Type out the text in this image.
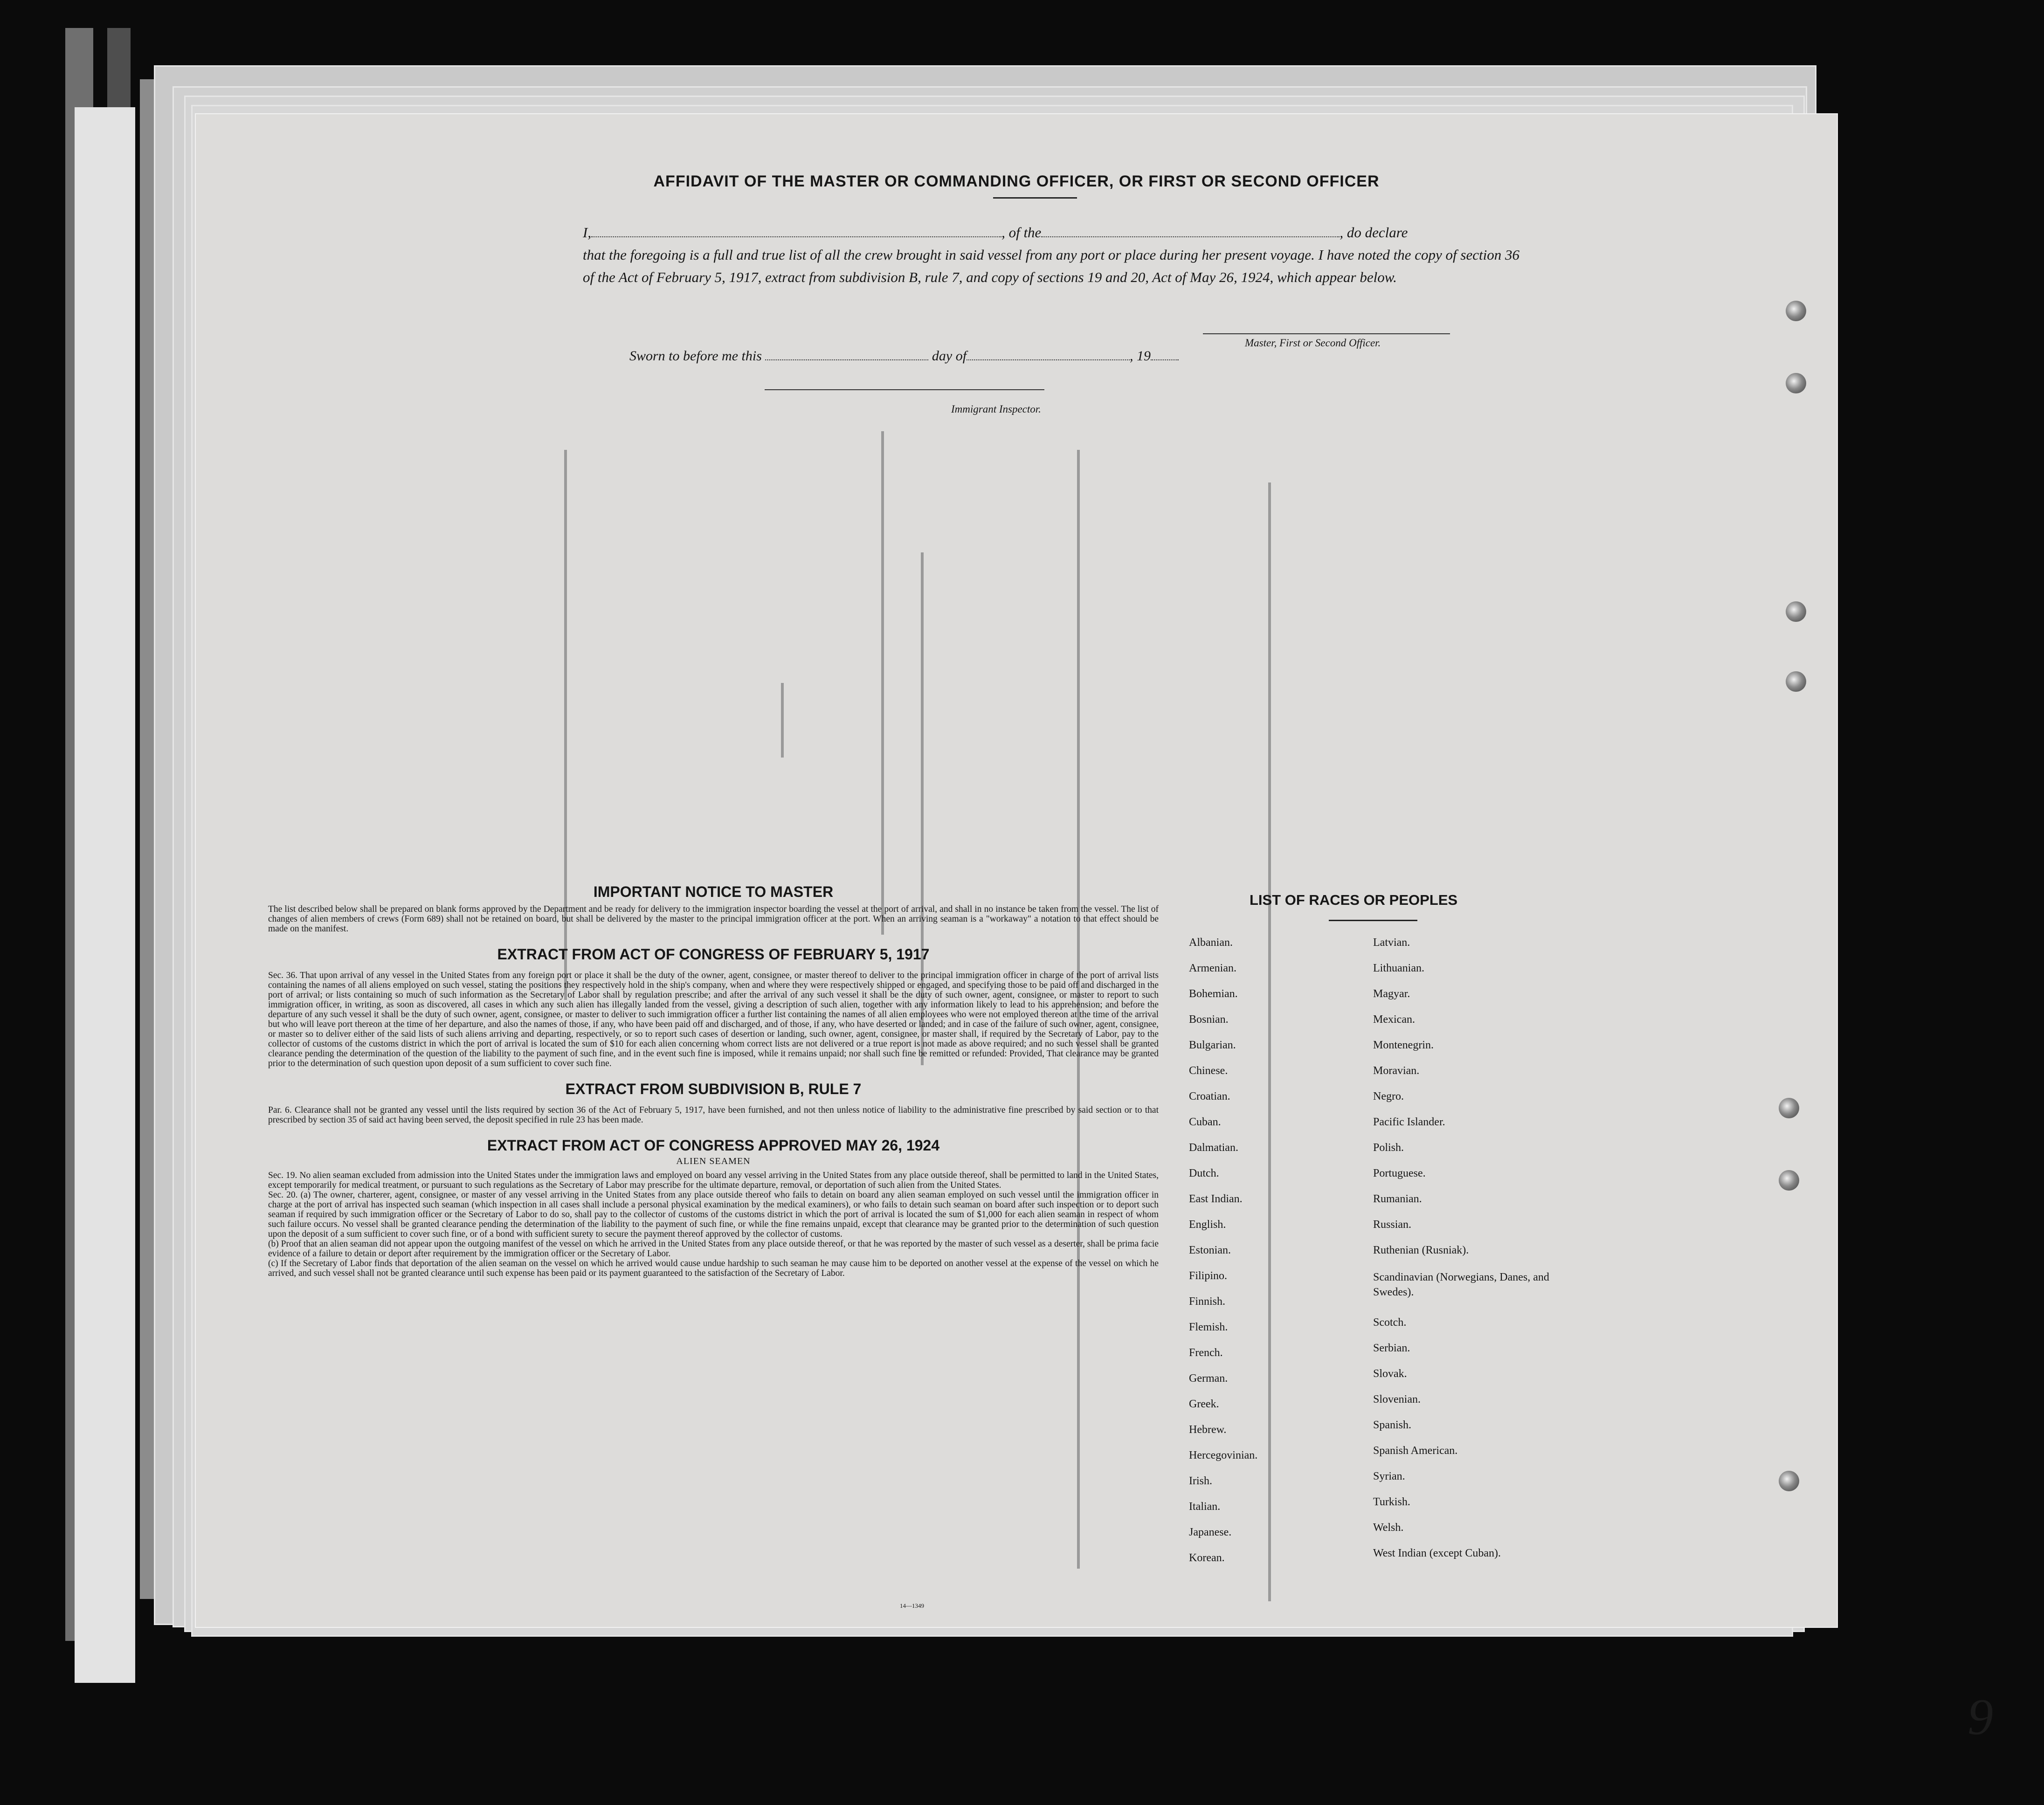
AFFIDAVIT OF THE MASTER OR COMMANDING OFFICER, OR FIRST OR SECOND OFFICER
I,	, of the	, do declare
that the foregoing is a full and true list of all the crew brought in said vessel from any port or place during her present voyage. I have noted the copy of section 36 of the Act of February 5, 1917, extract from subdivision B, rule 7, and copy of sections 19 and 20, Act of May 26, 1924, which appear below.
Master, First or Second Officer.
Sworn to before me this	day of	, 19
Immigrant Inspector.
IMPORTANT NOTICE TO MASTER

The list described below shall be prepared on blank forms approved by the Department and be ready for delivery to the immigration inspector boarding the vessel at the port of arrival, and shall in no instance be taken from the vessel. The list of changes of alien members of crews (Form 689) shall not be retained on board, but shall be delivered by the master to the principal immigration officer at the port. When an arriving seaman is a "workaway" a notation to that effect should be made on the manifest.

EXTRACT FROM ACT OF CONGRESS OF FEBRUARY 5, 1917

Sec. 36. That upon arrival of any vessel in the United States from any foreign port or place it shall be the duty of the owner, agent, consignee, or master thereof to deliver to the principal immigration officer in charge of the port of arrival lists containing the names of all aliens employed on such vessel, stating the positions they respectively hold in the ship's company, when and where they were respectively shipped or engaged, and specifying those to be paid off and discharged in the port of arrival; or lists containing so much of such information as the Secretary of Labor shall by regulation prescribe; and after the arrival of any such vessel it shall be the duty of such owner, agent, consignee, or master to report to such immigration officer, in writing, as soon as discovered, all cases in which any such alien has illegally landed from the vessel, giving a description of such alien, together with any information likely to lead to his apprehension; and before the departure of any such vessel it shall be the duty of such owner, agent, consignee, or master to deliver to such immigration officer a further list containing the names of all alien employees who were not employed thereon at the time of the arrival but who will leave port thereon at the time of her departure, and also the names of those, if any, who have been paid off and discharged, and of those, if any, who have deserted or landed; and in case of the failure of such owner, agent, consignee, or master so to deliver either of the said lists of such aliens arriving and departing, respectively, or so to report such cases of desertion or landing, such owner, agent, consignee, or master shall, if required by the Secretary of Labor, pay to the collector of customs of the customs district in which the port of arrival is located the sum of $10 for each alien concerning whom correct lists are not delivered or a true report is not made as above required; and no such vessel shall be granted clearance pending the determination of the question of the liability to the payment of such fine, and in the event such fine is imposed, while it remains unpaid; nor shall such fine be remitted or refunded: Provided, That clearance may be granted prior to the determination of such question upon deposit of a sum sufficient to cover such fine.

EXTRACT FROM SUBDIVISION B, RULE 7

Par. 6. Clearance shall not be granted any vessel until the lists required by section 36 of the Act of February 5, 1917, have been furnished, and not then unless notice of liability to the administrative fine prescribed by said section or to that prescribed by section 35 of said act having been served, the deposit specified in rule 23 has been made.

EXTRACT FROM ACT OF CONGRESS APPROVED MAY 26, 1924
ALIEN SEAMEN

Sec. 19. No alien seaman excluded from admission into the United States under the immigration laws and employed on board any vessel arriving in the United States from any place outside thereof, shall be permitted to land in the United States, except temporarily for medical treatment, or pursuant to such regulations as the Secretary of Labor may prescribe for the ultimate departure, removal, or deportation of such alien from the United States.

Sec. 20. (a) The owner, charterer, agent, consignee, or master of any vessel arriving in the United States from any place outside thereof who fails to detain on board any alien seaman employed on such vessel until the immigration officer in charge at the port of arrival has inspected such seaman (which inspection in all cases shall include a personal physical examination by the medical examiners), or who fails to detain such seaman on board after such inspection or to deport such seaman if required by such immigration officer or the Secretary of Labor to do so, shall pay to the collector of customs of the customs district in which the port of arrival is located the sum of $1,000 for each alien seaman in respect of whom such failure occurs. No vessel shall be granted clearance pending the determination of the liability to the payment of such fine, or while the fine remains unpaid, except that clearance may be granted prior to the determination of such question upon the deposit of a sum sufficient to cover such fine, or of a bond with sufficient surety to secure the payment thereof approved by the collector of customs.

(b) Proof that an alien seaman did not appear upon the outgoing manifest of the vessel on which he arrived in the United States from any place outside thereof, or that he was reported by the master of such vessel as a deserter, shall be prima facie evidence of a failure to detain or deport after requirement by the immigration officer or the Secretary of Labor.

(c) If the Secretary of Labor finds that deportation of the alien seaman on the vessel on which he arrived would cause undue hardship to such seaman he may cause him to be deported on another vessel at the expense of the vessel on which he arrived, and such vessel shall not be granted clearance until such expense has been paid or its payment guaranteed to the satisfaction of the Secretary of Labor.

14—1349
LIST OF RACES OR PEOPLES
Albanian.
Armenian.
Bohemian.
Bosnian.
Bulgarian.
Chinese.
Croatian.
Cuban.
Dalmatian.
Dutch.
East Indian.
English.
Estonian.
Filipino.
Finnish.
Flemish.
French.
German.
Greek.
Hebrew.
Hercegovinian.
Irish.
Italian.
Japanese.
Korean.
Latvian.
Lithuanian.
Magyar.
Mexican.
Montenegrin.
Moravian.
Negro.
Pacific Islander.
Polish.
Portuguese.
Rumanian.
Russian.
Ruthenian (Rusniak).
Scandinavian (Norwegians, Danes, and Swedes).
Scotch.
Serbian.
Slovak.
Slovenian.
Spanish.
Spanish American.
Syrian.
Turkish.
Welsh.
West Indian (except Cuban).
9
